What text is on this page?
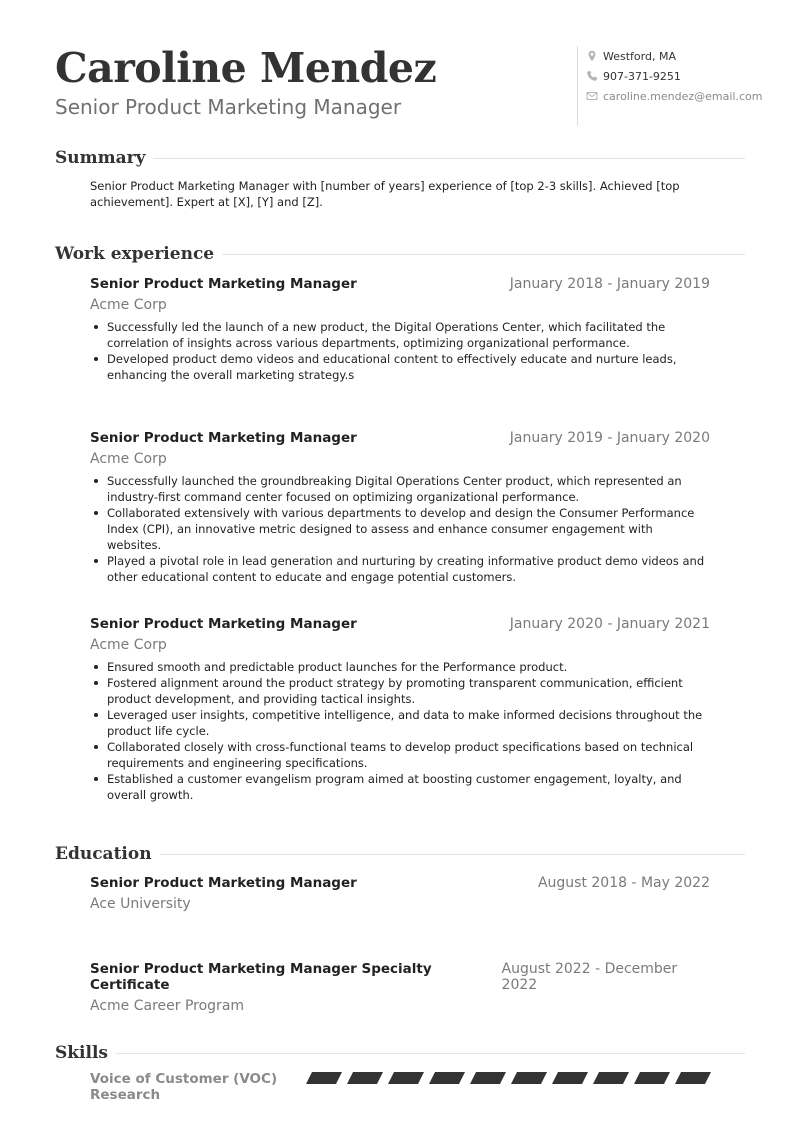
Caroline Mendez
Senior Product Marketing Manager
Westford, MA
907-371-9251
caroline.mendez@email.com
Summary
Senior Product Marketing Manager with [number of years] experience of [top 2-3 skills]. Achieved [top achievement]. Expert at [X], [Y] and [Z].
Work experience
Senior Product Marketing Manager	January 2018 - January 2019
Acme Corp
Successfully led the launch of a new product, the Digital Operations Center, which facilitated the correlation of insights across various departments, optimizing organizational performance.
Developed product demo videos and educational content to effectively educate and nurture leads, enhancing the overall marketing strategy.s
Senior Product Marketing Manager	January 2019 - January 2020
Acme Corp
Successfully launched the groundbreaking Digital Operations Center product, which represented an industry-first command center focused on optimizing organizational performance.
Collaborated extensively with various departments to develop and design the Consumer Performance Index (CPI), an innovative metric designed to assess and enhance consumer engagement with websites.
Played a pivotal role in lead generation and nurturing by creating informative product demo videos and other educational content to educate and engage potential customers.
Senior Product Marketing Manager	January 2020 - January 2021
Acme Corp
Ensured smooth and predictable product launches for the Performance product.
Fostered alignment around the product strategy by promoting transparent communication, efficient product development, and providing tactical insights.
Leveraged user insights, competitive intelligence, and data to make informed decisions throughout the product life cycle.
Collaborated closely with cross-functional teams to develop product specifications based on technical requirements and engineering specifications.
Established a customer evangelism program aimed at boosting customer engagement, loyalty, and overall growth.
Education
Senior Product Marketing Manager	August 2018 - May 2022
Ace University
Senior Product Marketing Manager Specialty Certificate
August 2022 - December 2022
Acme Career Program
Skills
Voice of Customer (VOC) Research
